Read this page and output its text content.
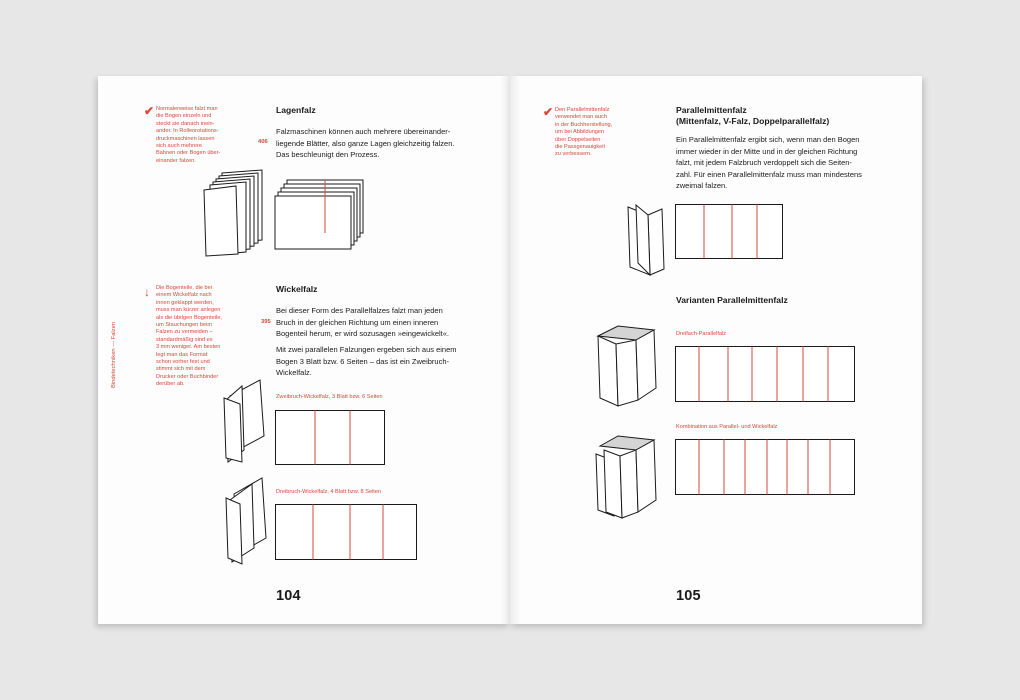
✔ Normalerweise falzt man
die Bogen einzeln und
steckt sie danach inein-
ander. In Rollenrotations-
druckmaschinen lassen
sich auch mehrere
Bahnen oder Bogen über-
einander falzen.
Lagenfalz
406
Falzmaschinen können auch mehrere übereinander-
liegende Blätter, also ganze Lagen gleichzeitig falzen.
Das beschleunigt den Prozess.
↓ Die Bogenteile, die bei
einem Wickelfalz nach
innen geklappt werden,
muss man kürzer anlegen
als die übrigen Bogenteile,
um Stauchungen beim
Falzen zu vermeiden –
standardmäßig sind es
3 mm weniger. Am besten
legt man das Format
schon vorher fest und
stimmt sich mit dem
Drucker oder Buchbinder
derüber ab.
Wickelfalz
395
Bei dieser Form des Parallelfalzes falzt man jeden
Bruch in der gleichen Richtung um einen inneren
Bogenteil herum, er wird sozusagen »eingewickelt«.
Mit zwei parallelen Falzungen ergeben sich aus einem
Bogen 3 Blatt bzw. 6 Seiten – das ist ein Zweibruch-
Wickelfalz.
Bindetechniken — Falzen
Zweibruch-Wickelfalz, 3 Blatt bzw. 6 Seiten
Dreibruch-Wickelfalz, 4 Blatt bzw. 8 Seiten
104
✔ Den Parallelmittenfalz
verwendet man auch
in der Buchherstellung,
um bei Abbildungen
über Doppelseiten
die Passgenauigkeit
zu verbessern.
Parallelmittenfalz
(Mittenfalz, V-Falz, Doppelparallelfalz)
Ein Parallelmittenfalz ergibt sich, wenn man den Bogen
immer wieder in der Mitte und in der gleichen Richtung
falzt, mit jedem Falzbruch verdoppelt sich die Seiten-
zahl. Für einen Parallelmittenfalz muss man mindestens
zweimal falzen.
Varianten Parallelmittenfalz
Dreifach-Parallelfalz
Kombination aus Parallel- und Wickelfalz
105
